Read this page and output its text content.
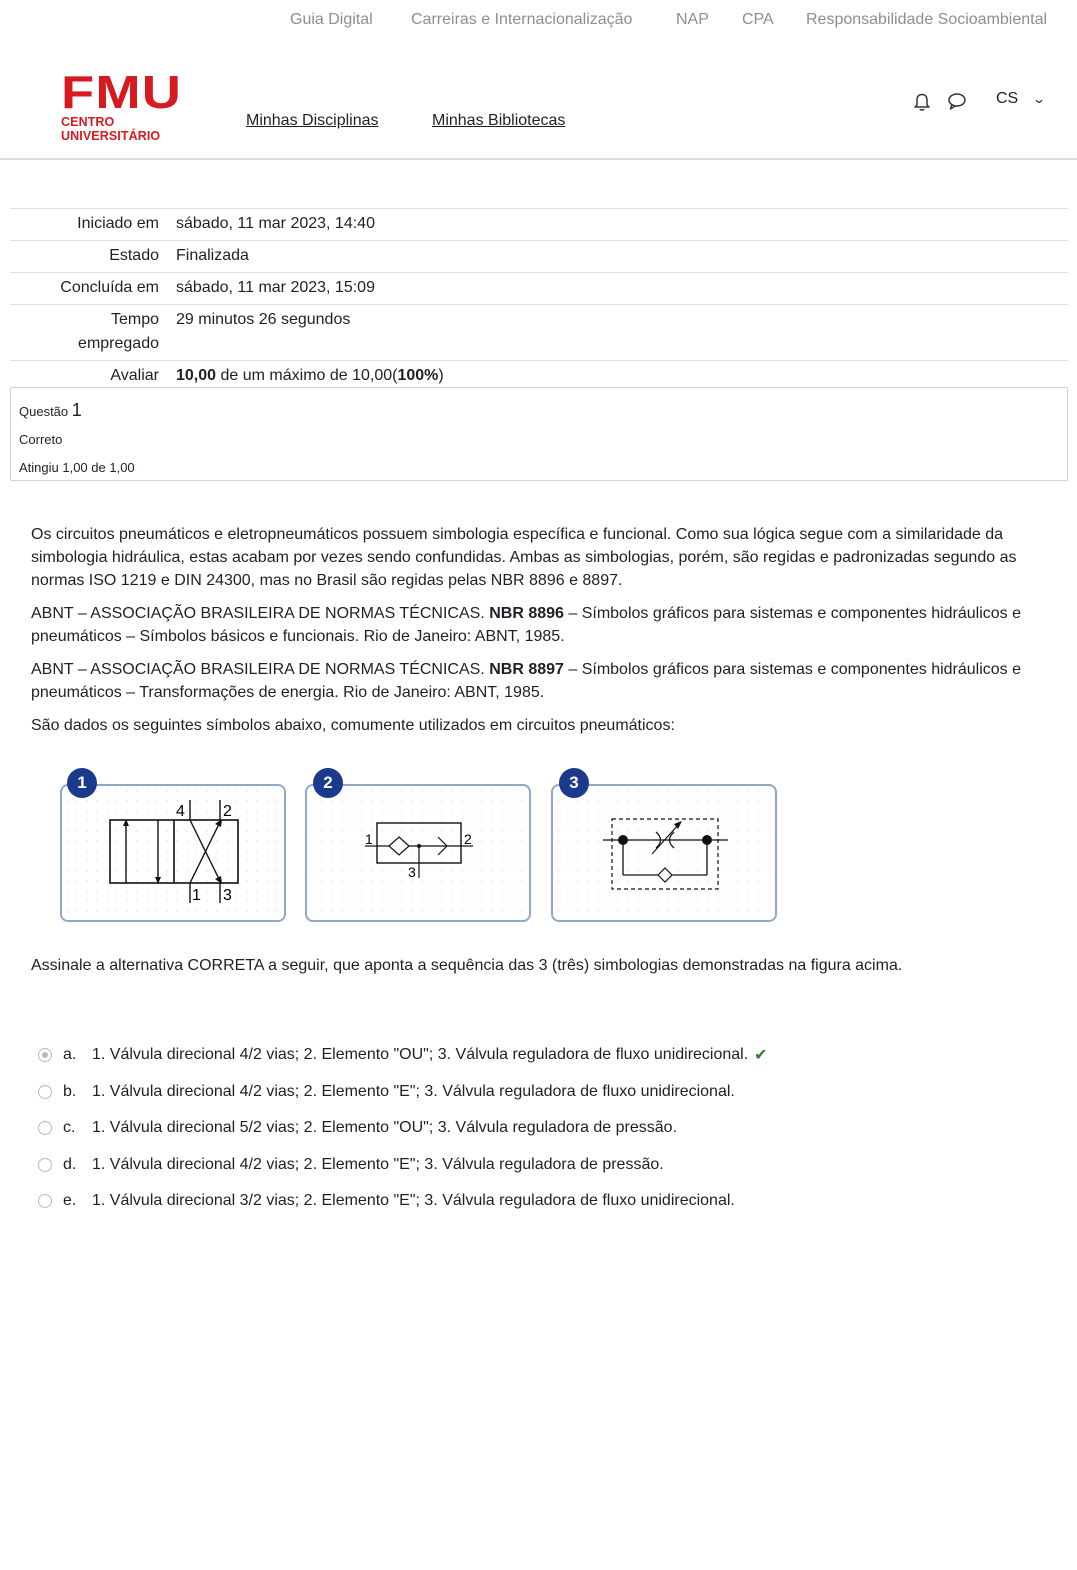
Guia Digital Carreiras e Internacionalização	NAP CPA Responsabilidade Socioambiental
FMU
CENTRO UNIVERSITÁRIO
Minhas Disciplinas	Minhas Bibliotecas
CS ⌄
Iniciado em	sábado, 11 mar 2023, 14:40
Estado	Finalizada
Concluída em	sábado, 11 mar 2023, 15:09
Tempo empregado	29 minutos 26 segundos
Avaliar	10,00 de um máximo de 10,00(100%)
Questão 1
Correto
Atingiu 1,00 de 1,00

Os circuitos pneumáticos e eletropneumáticos possuem simbologia específica e funcional. Como sua lógica segue com a similaridade da simbologia hidráulica, estas acabam por vezes sendo confundidas. Ambas as simbologias, porém, são regidas e padronizadas segundo as normas ISO 1219 e DIN 24300, mas no Brasil são regidas pelas NBR 8896 e 8897.

ABNT – ASSOCIAÇÃO BRASILEIRA DE NORMAS TÉCNICAS. NBR 8896 – Símbolos gráficos para sistemas e componentes hidráulicos e pneumáticos – Símbolos básicos e funcionais. Rio de Janeiro: ABNT, 1985.

ABNT – ASSOCIAÇÃO BRASILEIRA DE NORMAS TÉCNICAS. NBR 8897 – Símbolos gráficos para sistemas e componentes hidráulicos e pneumáticos – Transformações de energia. Rio de Janeiro: ABNT, 1985.

São dados os seguintes símbolos abaixo, comumente utilizados em circuitos pneumáticos:

4 2
1 3
1
1	2
3
2	3
Assinale a alternativa CORRETA a seguir, que aponta a sequência das 3 (três) simbologias demonstradas na figura acima.
a. 1. Válvula direcional 4/2 vias; 2. Elemento "OU"; 3. Válvula reguladora de fluxo unidirecional. ✔
b. 1. Válvula direcional 4/2 vias; 2. Elemento "E"; 3. Válvula reguladora de fluxo unidirecional.
c.	1. Válvula direcional 5/2 vias; 2. Elemento "OU"; 3. Válvula reguladora de pressão.
d. 1. Válvula direcional 4/2 vias; 2. Elemento "E"; 3. Válvula reguladora de pressão.
e. 1. Válvula direcional 3/2 vias; 2. Elemento "E"; 3. Válvula reguladora de fluxo unidirecional.
